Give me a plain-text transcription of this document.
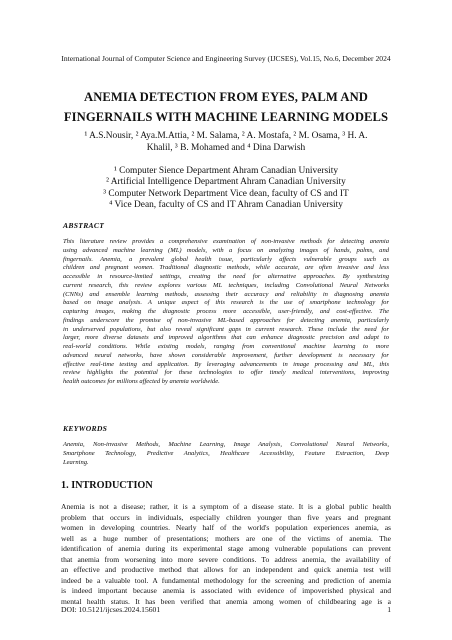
International Journal of Computer Science and Engineering Survey (IJCSES), Vol.15, No.6, December 2024
ANEMIA DETECTION FROM EYES, PALM AND
FINGERNAILS WITH MACHINE LEARNING MODELS
¹ A.S.Nousir, ² Aya.M.Attia, ² M. Salama, ² A. Mostafa, ² M. Osama, ³ H. A.
Khalil, ³ B. Mohamed and ⁴ Dina Darwish
¹ Computer Sience Department Ahram Canadian University
² Artificial Intelligence Department Ahram Canadian University
³ Computer Network Department Vice dean, faculty of CS and IT
⁴ Vice Dean, faculty of CS and IT Ahram Canadian University
ABSTRACT
This literature review provides a comprehensive examination of non-invasive methods for detecting anemia
using advanced machine learning (ML) models, with a focus on analyzing images of hands, palms, and
fingernails. Anemia, a prevalent global health issue, particularly affects vulnerable groups such as
children and pregnant women. Traditional diagnostic methods, while accurate, are often invasive and less
accessible in resource-limited settings, creating the need for alternative approaches. By synthesizing
current research, this review explores various ML techniques, including Convolutional Neural Networks
(CNNs) and ensemble learning methods, assessing their accuracy and reliability in diagnosing anemia
based on image analysis. A unique aspect of this research is the use of smartphone technology for
capturing images, making the diagnostic process more accessible, user-friendly, and cost-effective. The
findings underscore the promise of non-invasive ML-based approaches for detecting anemia, particularly
in underserved populations, but also reveal significant gaps in current research. These include the need for
larger, more diverse datasets and improved algorithms that can enhance diagnostic precision and adapt to
real-world conditions. While existing models, ranging from conventional machine learning to more
advanced neural networks, have shown considerable improvement, further development is necessary for
effective real-time testing and application. By leveraging advancements in image processing and ML, this
review highlights the potential for these technologies to offer timely medical interventions, improving
health outcomes for millions affected by anemia worldwide.
KEYWORDS
Anemia, Non-invasive Methods, Machine Learning, Image Analysis, Convolutional Neural Networks,
Smartphone Technology, Predictive Analytics, Healthcare Accessibility, Feature Extraction, Deep
Learning.
1. INTRODUCTION
Anemia is not a disease; rather, it is a symptom of a disease state. It is a global public health
problem that occurs in individuals, especially children younger than five years and pregnant
women in developing countries. Nearly half of the world's population experiences anemia, as
well as a huge number of presentations; mothers are one of the victims of anemia. The
identification of anemia during its experimental stage among vulnerable populations can prevent
that anemia from worsening into more severe conditions. To address anemia, the availability of
an effective and productive method that allows for an independent and quick anemia test will
indeed be a valuable tool. A fundamental methodology for the screening and prediction of anemia
is indeed important because anemia is associated with evidence of impoverished physical and
mental health status. It has been verified that anemia among women of childbearing age is a
DOI: 10.5121/ijcses.2024.15601	1
